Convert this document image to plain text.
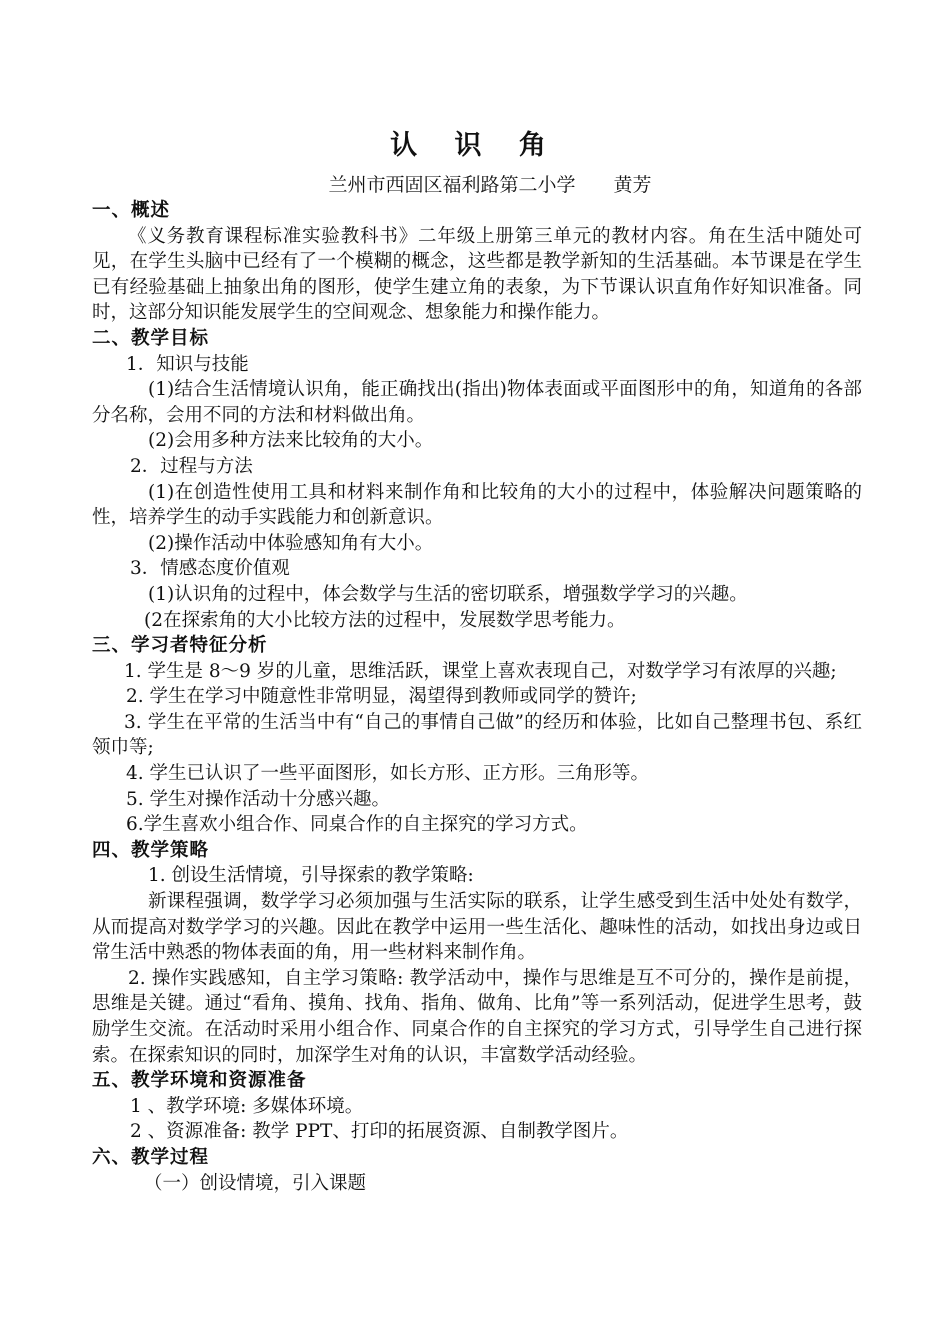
认 识 角
兰州市西固区福利路第二小学 黄芳

一、概述

《义务教育课程标准实验教科书》二年级上册第三单元的教材内容。角在生活中随处可见，在学生头脑中已经有了一个模糊的概念，这些都是教学新知的生活基础。本节课是在学生已有经验基础上抽象出角的图形，使学生建立角的表象，为下节课认识直角作好知识准备。同时，这部分知识能发展学生的空间观念、想象能力和操作能力。

二、教学目标

1．知识与技能

(1)结合生活情境认识角，能正确找出(指出)物体表面或平面图形中的角，知道角的各部分名称，会用不同的方法和材料做出角。

(2)会用多种方法来比较角的大小。

2．过程与方法

(1)在创造性使用工具和材料来制作角和比较角的大小的过程中，体验解决问题策略的性，培养学生的动手实践能力和创新意识。

(2)操作活动中体验感知角有大小。

3．情感态度价值观

(1)认识角的过程中，体会数学与生活的密切联系，增强数学学习的兴趣。

(2在探索角的大小比较方法的过程中，发展数学思考能力。

三、学习者特征分析

1. 学生是 8～9 岁的儿童，思维活跃，课堂上喜欢表现自己，对数学学习有浓厚的兴趣;

2. 学生在学习中随意性非常明显，渴望得到教师或同学的赞许;

3. 学生在平常的生活当中有“自己的事情自己做”的经历和体验，比如自己整理书包、系红领巾等;

4. 学生已认识了一些平面图形，如长方形、正方形。三角形等。

5. 学生对操作活动十分感兴趣。

6.学生喜欢小组合作、同桌合作的自主探究的学习方式。

四、教学策略

1. 创设生活情境，引导探索的教学策略:

新课程强调，数学学习必须加强与生活实际的联系，让学生感受到生活中处处有数学，从而提高对数学学习的兴趣。因此在教学中运用一些生活化、趣味性的活动，如找出身边或日常生活中熟悉的物体表面的角，用一些材料来制作角。

2. 操作实践感知，自主学习策略: 教学活动中，操作与思维是互不可分的，操作是前提，思维是关键。通过“看角、摸角、找角、指角、做角、比角”等一系列活动，促进学生思考，鼓励学生交流。在活动时采用小组合作、同桌合作的自主探究的学习方式，引导学生自己进行探索。在探索知识的同时，加深学生对角的认识，丰富数学活动经验。

五、教学环境和资源准备

1 、教学环境: 多媒体环境。

2 、资源准备: 教学 PPT、打印的拓展资源、自制教学图片。

六、教学过程

（一）创设情境，引入课题
